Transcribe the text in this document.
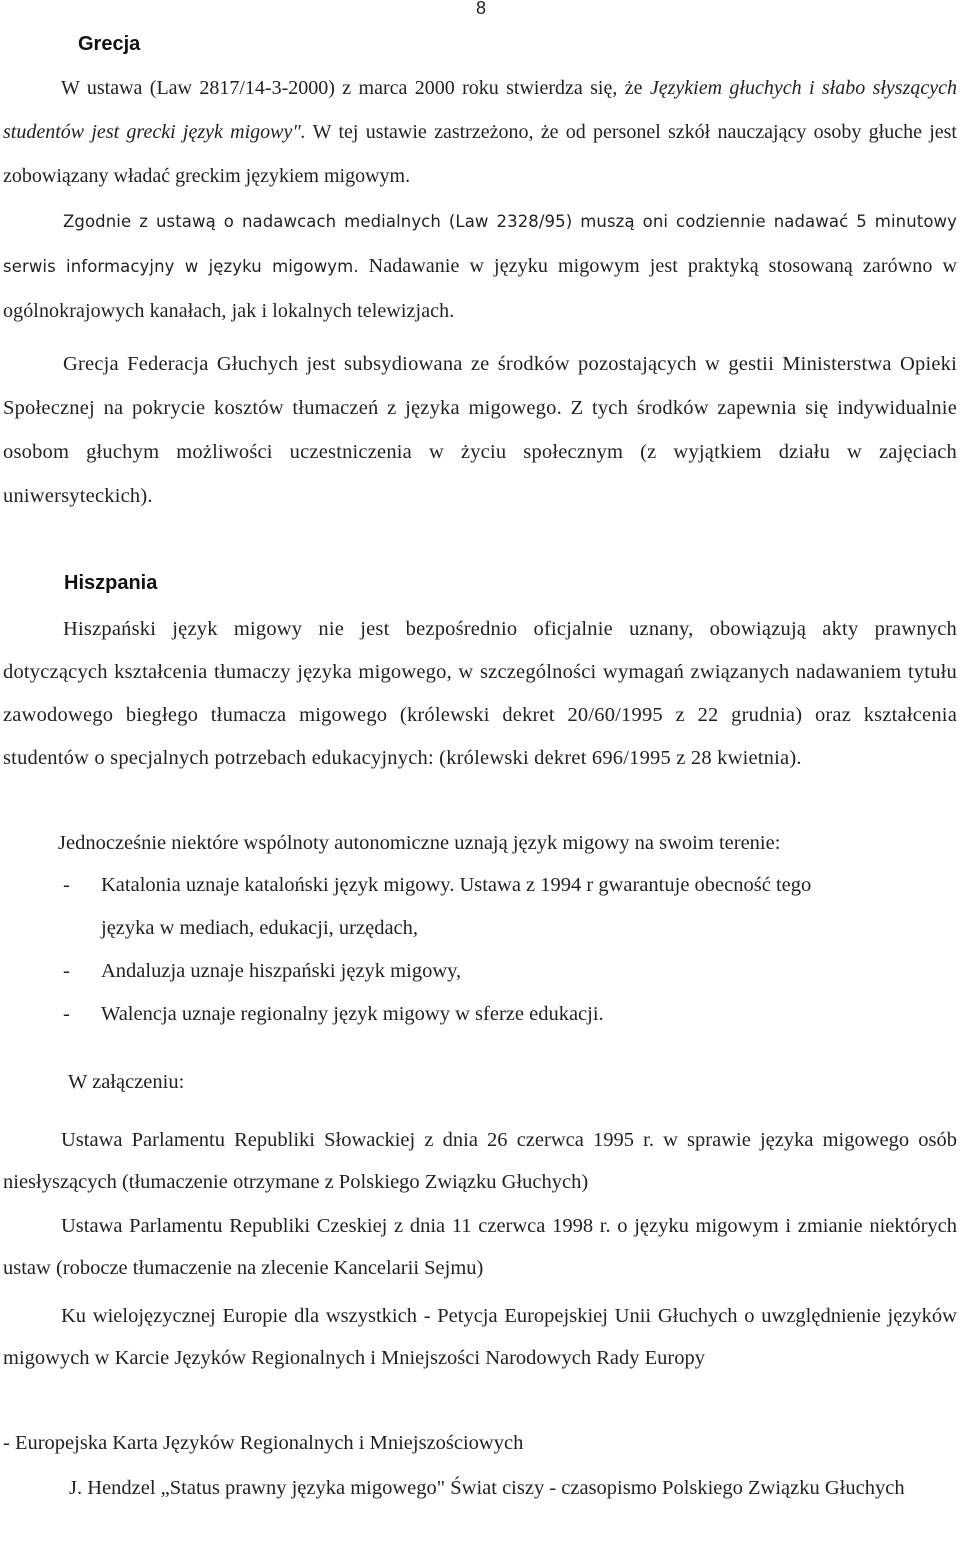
8
Grecja
W ustawa (Law 2817/14-3-2000) z marca 2000 roku stwierdza się, że Językiem głuchych i słabo słyszących studentów jest grecki język migowy". W tej ustawie zastrzeżono, że od personel szkół nauczający osoby głuche jest zobowiązany władać greckim językiem migowym.
Zgodnie z ustawą o nadawcach medialnych (Law 2328/95) muszą oni codziennie nadawać 5 minutowy serwis informacyjny w języku migowym. Nadawanie w języku migowym jest praktyką stosowaną zarówno w ogólnokrajowych kanałach, jak i lokalnych telewizjach.
Grecja Federacja Głuchych jest subsydiowana ze środków pozostających w gestii Ministerstwa Opieki Społecznej na pokrycie kosztów tłumaczeń z języka migowego. Z tych środków zapewnia się indywidualnie osobom głuchym możliwości uczestniczenia w życiu społecznym (z wyjątkiem działu w zajęciach uniwersyteckich).
Hiszpania
Hiszpański język migowy nie jest bezpośrednio oficjalnie uznany, obowiązują akty prawnych dotyczących kształcenia tłumaczy języka migowego, w szczególności wymagań związanych nadawaniem tytułu zawodowego biegłego tłumacza migowego (królewski dekret 20/60/1995 z 22 grudnia) oraz kształcenia studentów o specjalnych potrzebach edukacyjnych: (królewski dekret 696/1995 z 28 kwietnia).
Jednocześnie niektóre wspólnoty autonomiczne uznają język migowy na swoim terenie:
- Katalonia uznaje kataloński język migowy. Ustawa z 1994 r gwarantuje obecność tego
języka w mediach, edukacji, urzędach,
- Andaluzja uznaje hiszpański język migowy,
- Walencja uznaje regionalny język migowy w sferze edukacji.
W załączeniu:
Ustawa Parlamentu Republiki Słowackiej z dnia 26 czerwca 1995 r. w sprawie języka migowego osób niesłyszących (tłumaczenie otrzymane z Polskiego Związku Głuchych)
Ustawa Parlamentu Republiki Czeskiej z dnia 11 czerwca 1998 r. o języku migowym i zmianie niektórych ustaw (robocze tłumaczenie na zlecenie Kancelarii Sejmu)
Ku wielojęzycznej Europie dla wszystkich - Petycja Europejskiej Unii Głuchych o uwzględnienie języków migowych w Karcie Języków Regionalnych i Mniejszości Narodowych Rady Europy
- Europejska Karta Języków Regionalnych i Mniejszościowych
J. Hendzel „Status prawny języka migowego" Świat ciszy - czasopismo Polskiego Związku Głuchych
